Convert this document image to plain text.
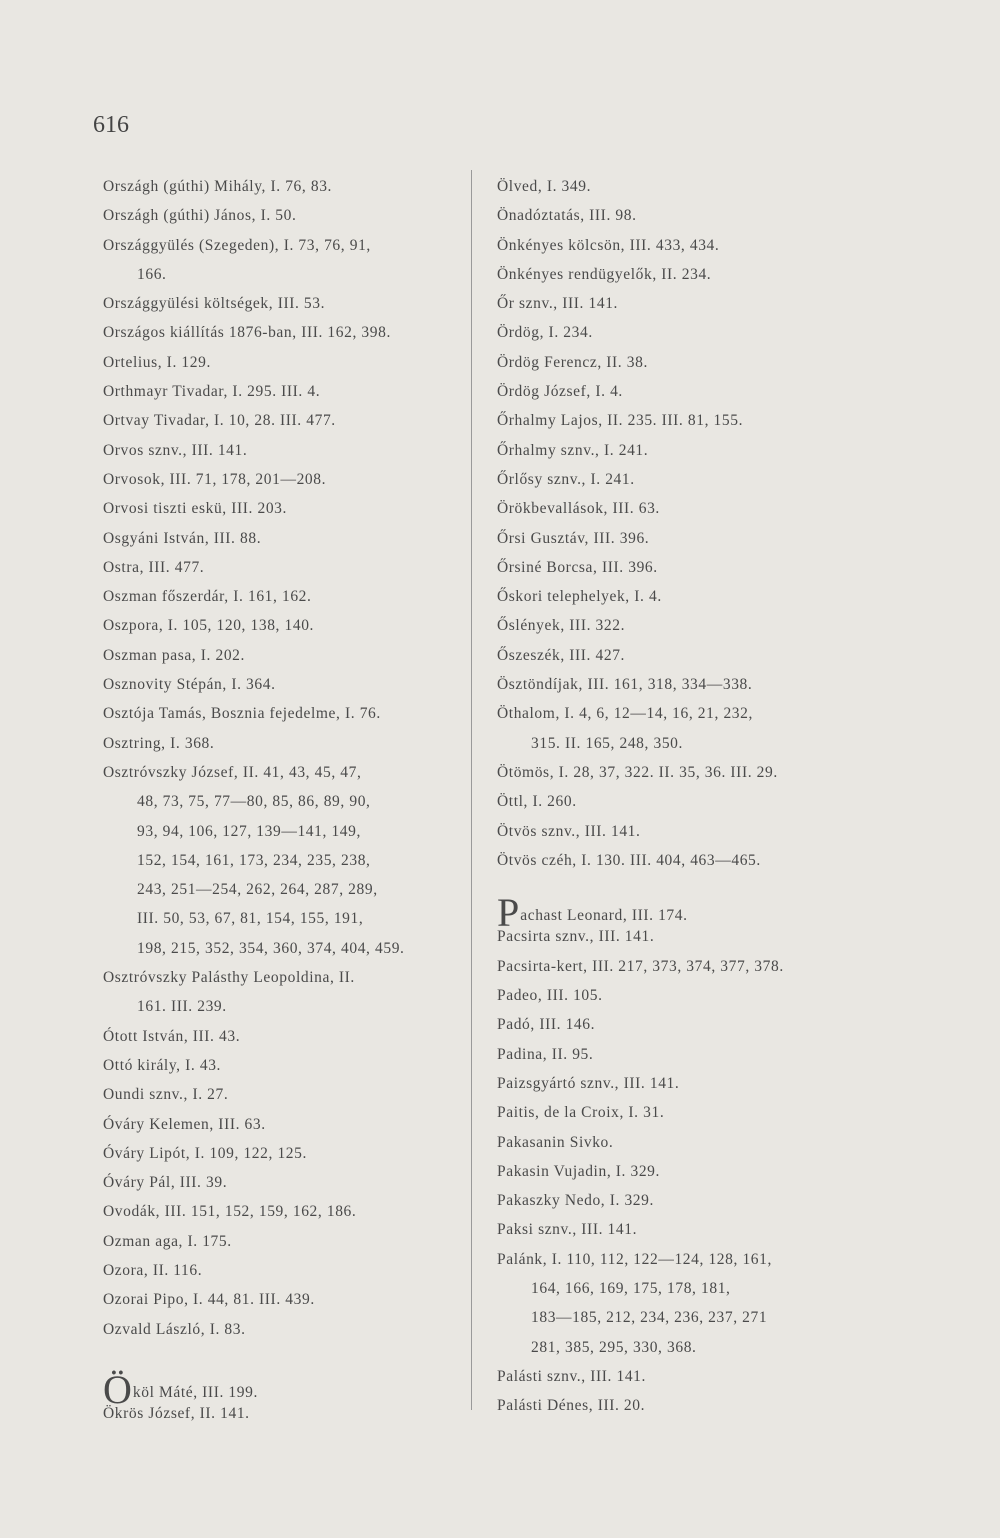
616
Országh (gúthi) Mihály, I. 76, 83.
Országh (gúthi) János, I. 50.
Országgyülés (Szegeden), I. 73, 76, 91,
166.
Országgyülési költségek, III. 53.
Országos kiállítás 1876-ban, III. 162, 398.
Ortelius, I. 129.
Orthmayr Tivadar, I. 295. III. 4.
Ortvay Tivadar, I. 10, 28. III. 477.
Orvos sznv., III. 141.
Orvosok, III. 71, 178, 201—208.
Orvosi tiszti eskü, III. 203.
Osgyáni István, III. 88.
Ostra, III. 477.
Oszman főszerdár, I. 161, 162.
Oszpora, I. 105, 120, 138, 140.
Oszman pasa, I. 202.
Osznovity Stépán, I. 364.
Osztója Tamás, Bosznia fejedelme, I. 76.
Osztring, I. 368.
Osztróvszky József, II. 41, 43, 45, 47,
48, 73, 75, 77—80, 85, 86, 89, 90,
93, 94, 106, 127, 139—141, 149,
152, 154, 161, 173, 234, 235, 238,
243, 251—254, 262, 264, 287, 289,
III. 50, 53, 67, 81, 154, 155, 191,
198, 215, 352, 354, 360, 374, 404, 459.
Osztróvszky Palásthy Leopoldina, II.
161. III. 239.
Ótott István, III. 43.
Ottó király, I. 43.
Oundi sznv., I. 27.
Óváry Kelemen, III. 63.
Óváry Lipót, I. 109, 122, 125.
Óváry Pál, III. 39.
Ovodák, III. 151, 152, 159, 162, 186.
Ozman aga, I. 175.
Ozora, II. 116.
Ozorai Pipo, I. 44, 81. III. 439.
Ozvald László, I. 83.
Ököl Máté, III. 199.
Ökrös József, II. 141.
Ölved, I. 349.
Önadóztatás, III. 98.
Önkényes kölcsön, III. 433, 434.
Önkényes rendügyelők, II. 234.
Őr sznv., III. 141.
Ördög, I. 234.
Ördög Ferencz, II. 38.
Ördög József, I. 4.
Őrhalmy Lajos, II. 235. III. 81, 155.
Őrhalmy sznv., I. 241.
Őrlősy sznv., I. 241.
Örökbevallások, III. 63.
Őrsi Gusztáv, III. 396.
Őrsiné Borcsa, III. 396.
Őskori telephelyek, I. 4.
Őslények, III. 322.
Őszeszék, III. 427.
Ösztöndíjak, III. 161, 318, 334—338.
Öthalom, I. 4, 6, 12—14, 16, 21, 232,
315. II. 165, 248, 350.
Ötömös, I. 28, 37, 322. II. 35, 36. III. 29.
Öttl, I. 260.
Ötvös sznv., III. 141.
Ötvös czéh, I. 130. III. 404, 463—465.
Pachast Leonard, III. 174.
Pacsirta sznv., III. 141.
Pacsirta-kert, III. 217, 373, 374, 377, 378.
Padeo, III. 105.
Padó, III. 146.
Padina, II. 95.
Paizsgyártó sznv., III. 141.
Paitis, de la Croix, I. 31.
Pakasanin Sivko.
Pakasin Vujadin, I. 329.
Pakaszky Nedo, I. 329.
Paksi sznv., III. 141.
Palánk, I. 110, 112, 122—124, 128, 161,
164, 166, 169, 175, 178, 181,
183—185, 212, 234, 236, 237, 271
281, 385, 295, 330, 368.
Palásti sznv., III. 141.
Palásti Dénes, III. 20.
